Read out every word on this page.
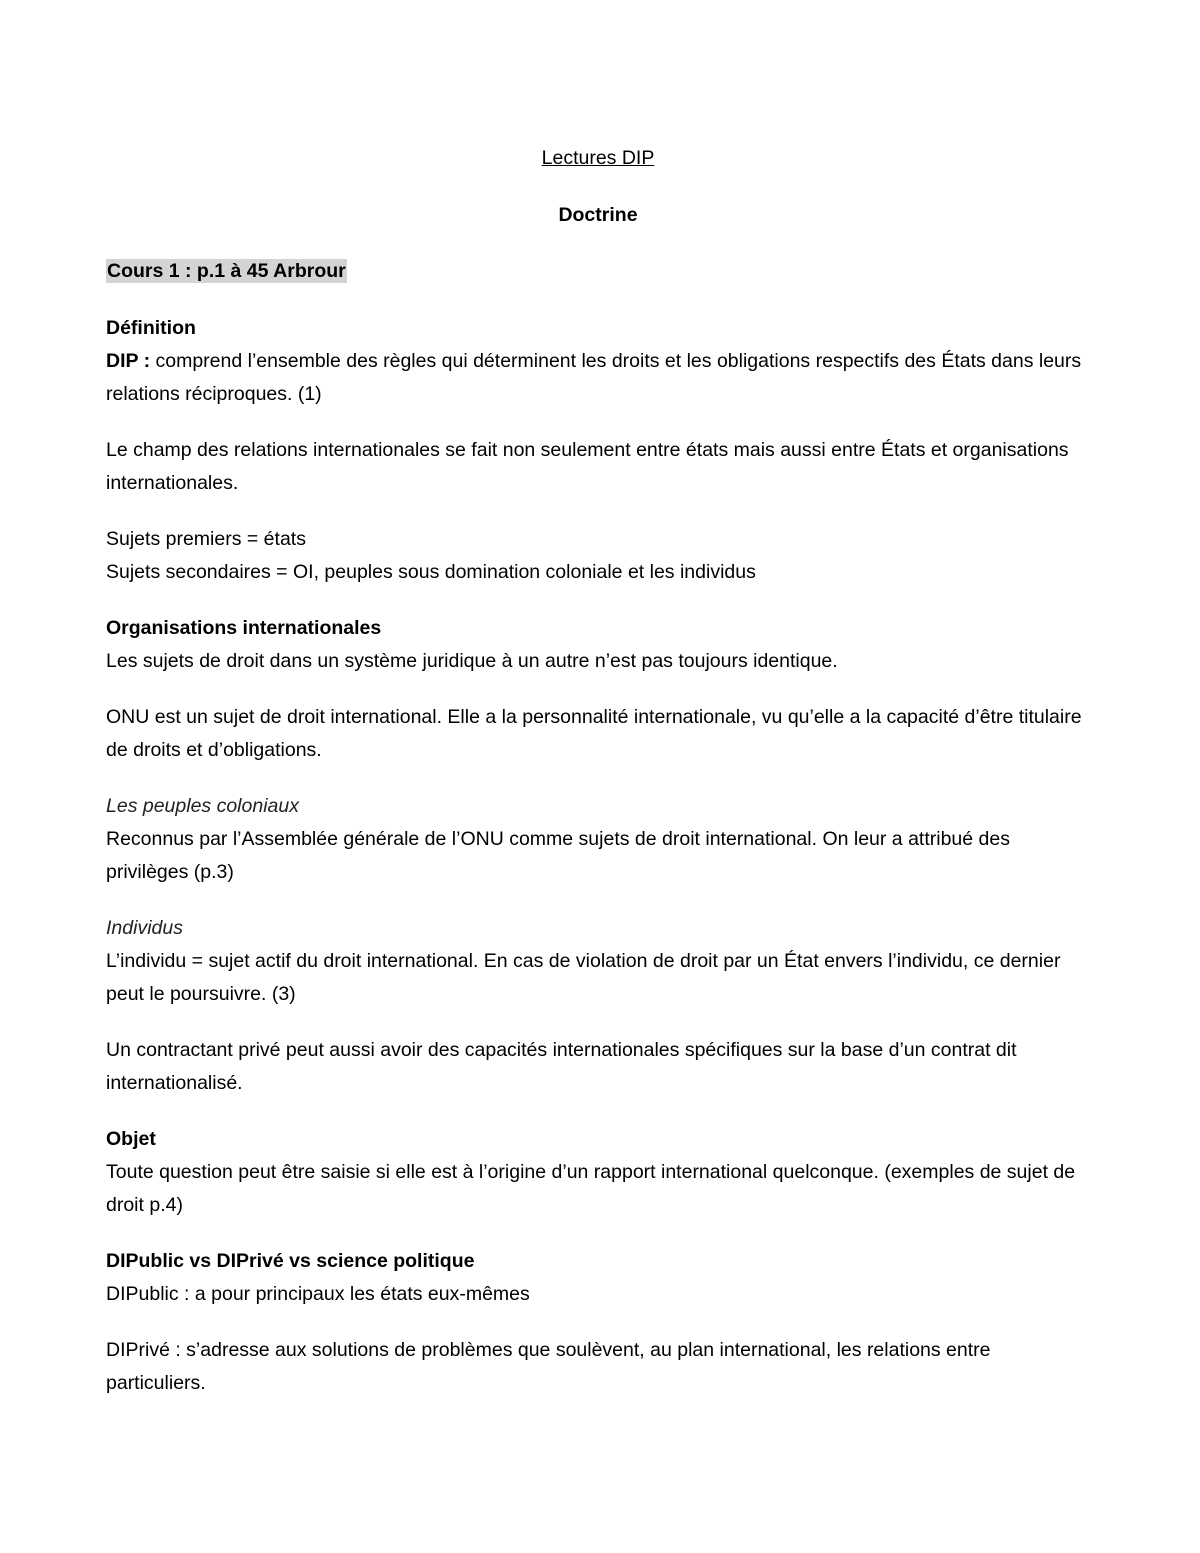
Lectures DIP

Doctrine

Cours 1 : p.1 à 45 Arbrour

Définition
DIP : comprend l’ensemble des règles qui déterminent les droits et les obligations respectifs des États dans leurs relations réciproques. (1)
Le champ des relations internationales se fait non seulement entre états mais aussi entre États et organisations internationales.
Sujets premiers = états
Sujets secondaires = OI, peuples sous domination coloniale et les individus
Organisations internationales
Les sujets de droit dans un système juridique à un autre n’est pas toujours identique.
ONU est un sujet de droit international. Elle a la personnalité internationale, vu qu’elle a la capacité d’être titulaire de droits et d’obligations.
Les peuples coloniaux
Reconnus par l’Assemblée générale de l’ONU comme sujets de droit international. On leur a attribué des privilèges (p.3)
Individus
L’individu = sujet actif du droit international. En cas de violation de droit par un État envers l’individu, ce dernier peut le poursuivre. (3)
Un contractant privé peut aussi avoir des capacités internationales spécifiques sur la base d’un contrat dit internationalisé.
Objet
Toute question peut être saisie si elle est à l’origine d’un rapport international quelconque. (exemples de sujet de droit p.4)
DIPublic vs DIPrivé vs science politique
DIPublic : a pour principaux les états eux-mêmes
DIPrivé : s’adresse aux solutions de problèmes que soulèvent, au plan international, les relations entre particuliers.
